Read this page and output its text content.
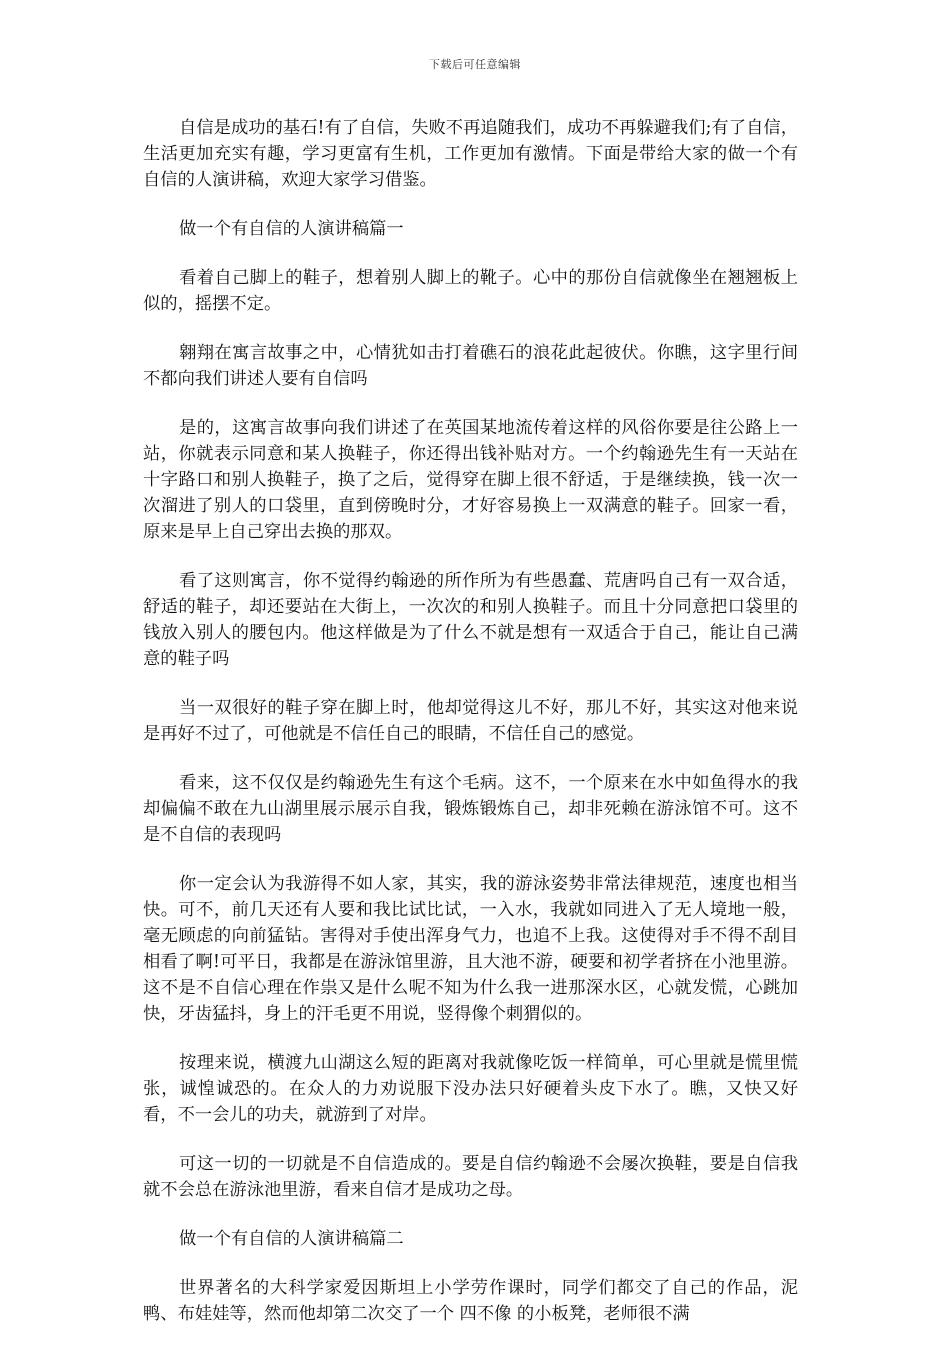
下载后可任意编辑

自信是成功的基石!有了自信，失败不再追随我们，成功不再躲避我们;有了自信，生活更加充实有趣，学习更富有生机，工作更加有激情。下面是带给大家的做一个有自信的人演讲稿，欢迎大家学习借鉴。

做一个有自信的人演讲稿篇一

看着自己脚上的鞋子，想着别人脚上的靴子。心中的那份自信就像坐在翘翘板上似的，摇摆不定。

翱翔在寓言故事之中，心情犹如击打着礁石的浪花此起彼伏。你瞧，这字里行间不都向我们讲述人要有自信吗

是的，这寓言故事向我们讲述了在英国某地流传着这样的风俗你要是往公路上一站，你就表示同意和某人换鞋子，你还得出钱补贴对方。一个约翰逊先生有一天站在十字路口和别人换鞋子，换了之后，觉得穿在脚上很不舒适，于是继续换，钱一次一次溜进了别人的口袋里，直到傍晚时分，才好容易换上一双满意的鞋子。回家一看，原来是早上自己穿出去换的那双。

看了这则寓言，你不觉得约翰逊的所作所为有些愚蠢、荒唐吗自己有一双合适，舒适的鞋子，却还要站在大街上，一次次的和别人换鞋子。而且十分同意把口袋里的钱放入别人的腰包内。他这样做是为了什么不就是想有一双适合于自己，能让自己满意的鞋子吗

当一双很好的鞋子穿在脚上时，他却觉得这儿不好，那儿不好，其实这对他来说是再好不过了，可他就是不信任自己的眼睛，不信任自己的感觉。

看来，这不仅仅是约翰逊先生有这个毛病。这不，一个原来在水中如鱼得水的我却偏偏不敢在九山湖里展示展示自我，锻炼锻炼自己，却非死赖在游泳馆不可。这不是不自信的表现吗

你一定会认为我游得不如人家，其实，我的游泳姿势非常法律规范，速度也相当快。可不，前几天还有人要和我比试比试，一入水，我就如同进入了无人境地一般，毫无顾虑的向前猛钻。害得对手使出浑身气力，也追不上我。这使得对手不得不刮目相看了啊!可平日，我都是在游泳馆里游，且大池不游，硬要和初学者挤在小池里游。这不是不自信心理在作祟又是什么呢不知为什么我一进那深水区，心就发慌，心跳加快，牙齿猛抖，身上的汗毛更不用说，竖得像个刺猬似的。

按理来说，横渡九山湖这么短的距离对我就像吃饭一样简单，可心里就是慌里慌张，诚惶诚恐的。在众人的力劝说服下没办法只好硬着头皮下水了。瞧，又快又好看，不一会儿的功夫，就游到了对岸。

可这一切的一切就是不自信造成的。要是自信约翰逊不会屡次换鞋，要是自信我就不会总在游泳池里游，看来自信才是成功之母。

做一个有自信的人演讲稿篇二

世界著名的大科学家爱因斯坦上小学劳作课时，同学们都交了自己的作品，泥鸭、布娃娃等，然而他却第二次交了一个 四不像 的小板凳，老师很不满
